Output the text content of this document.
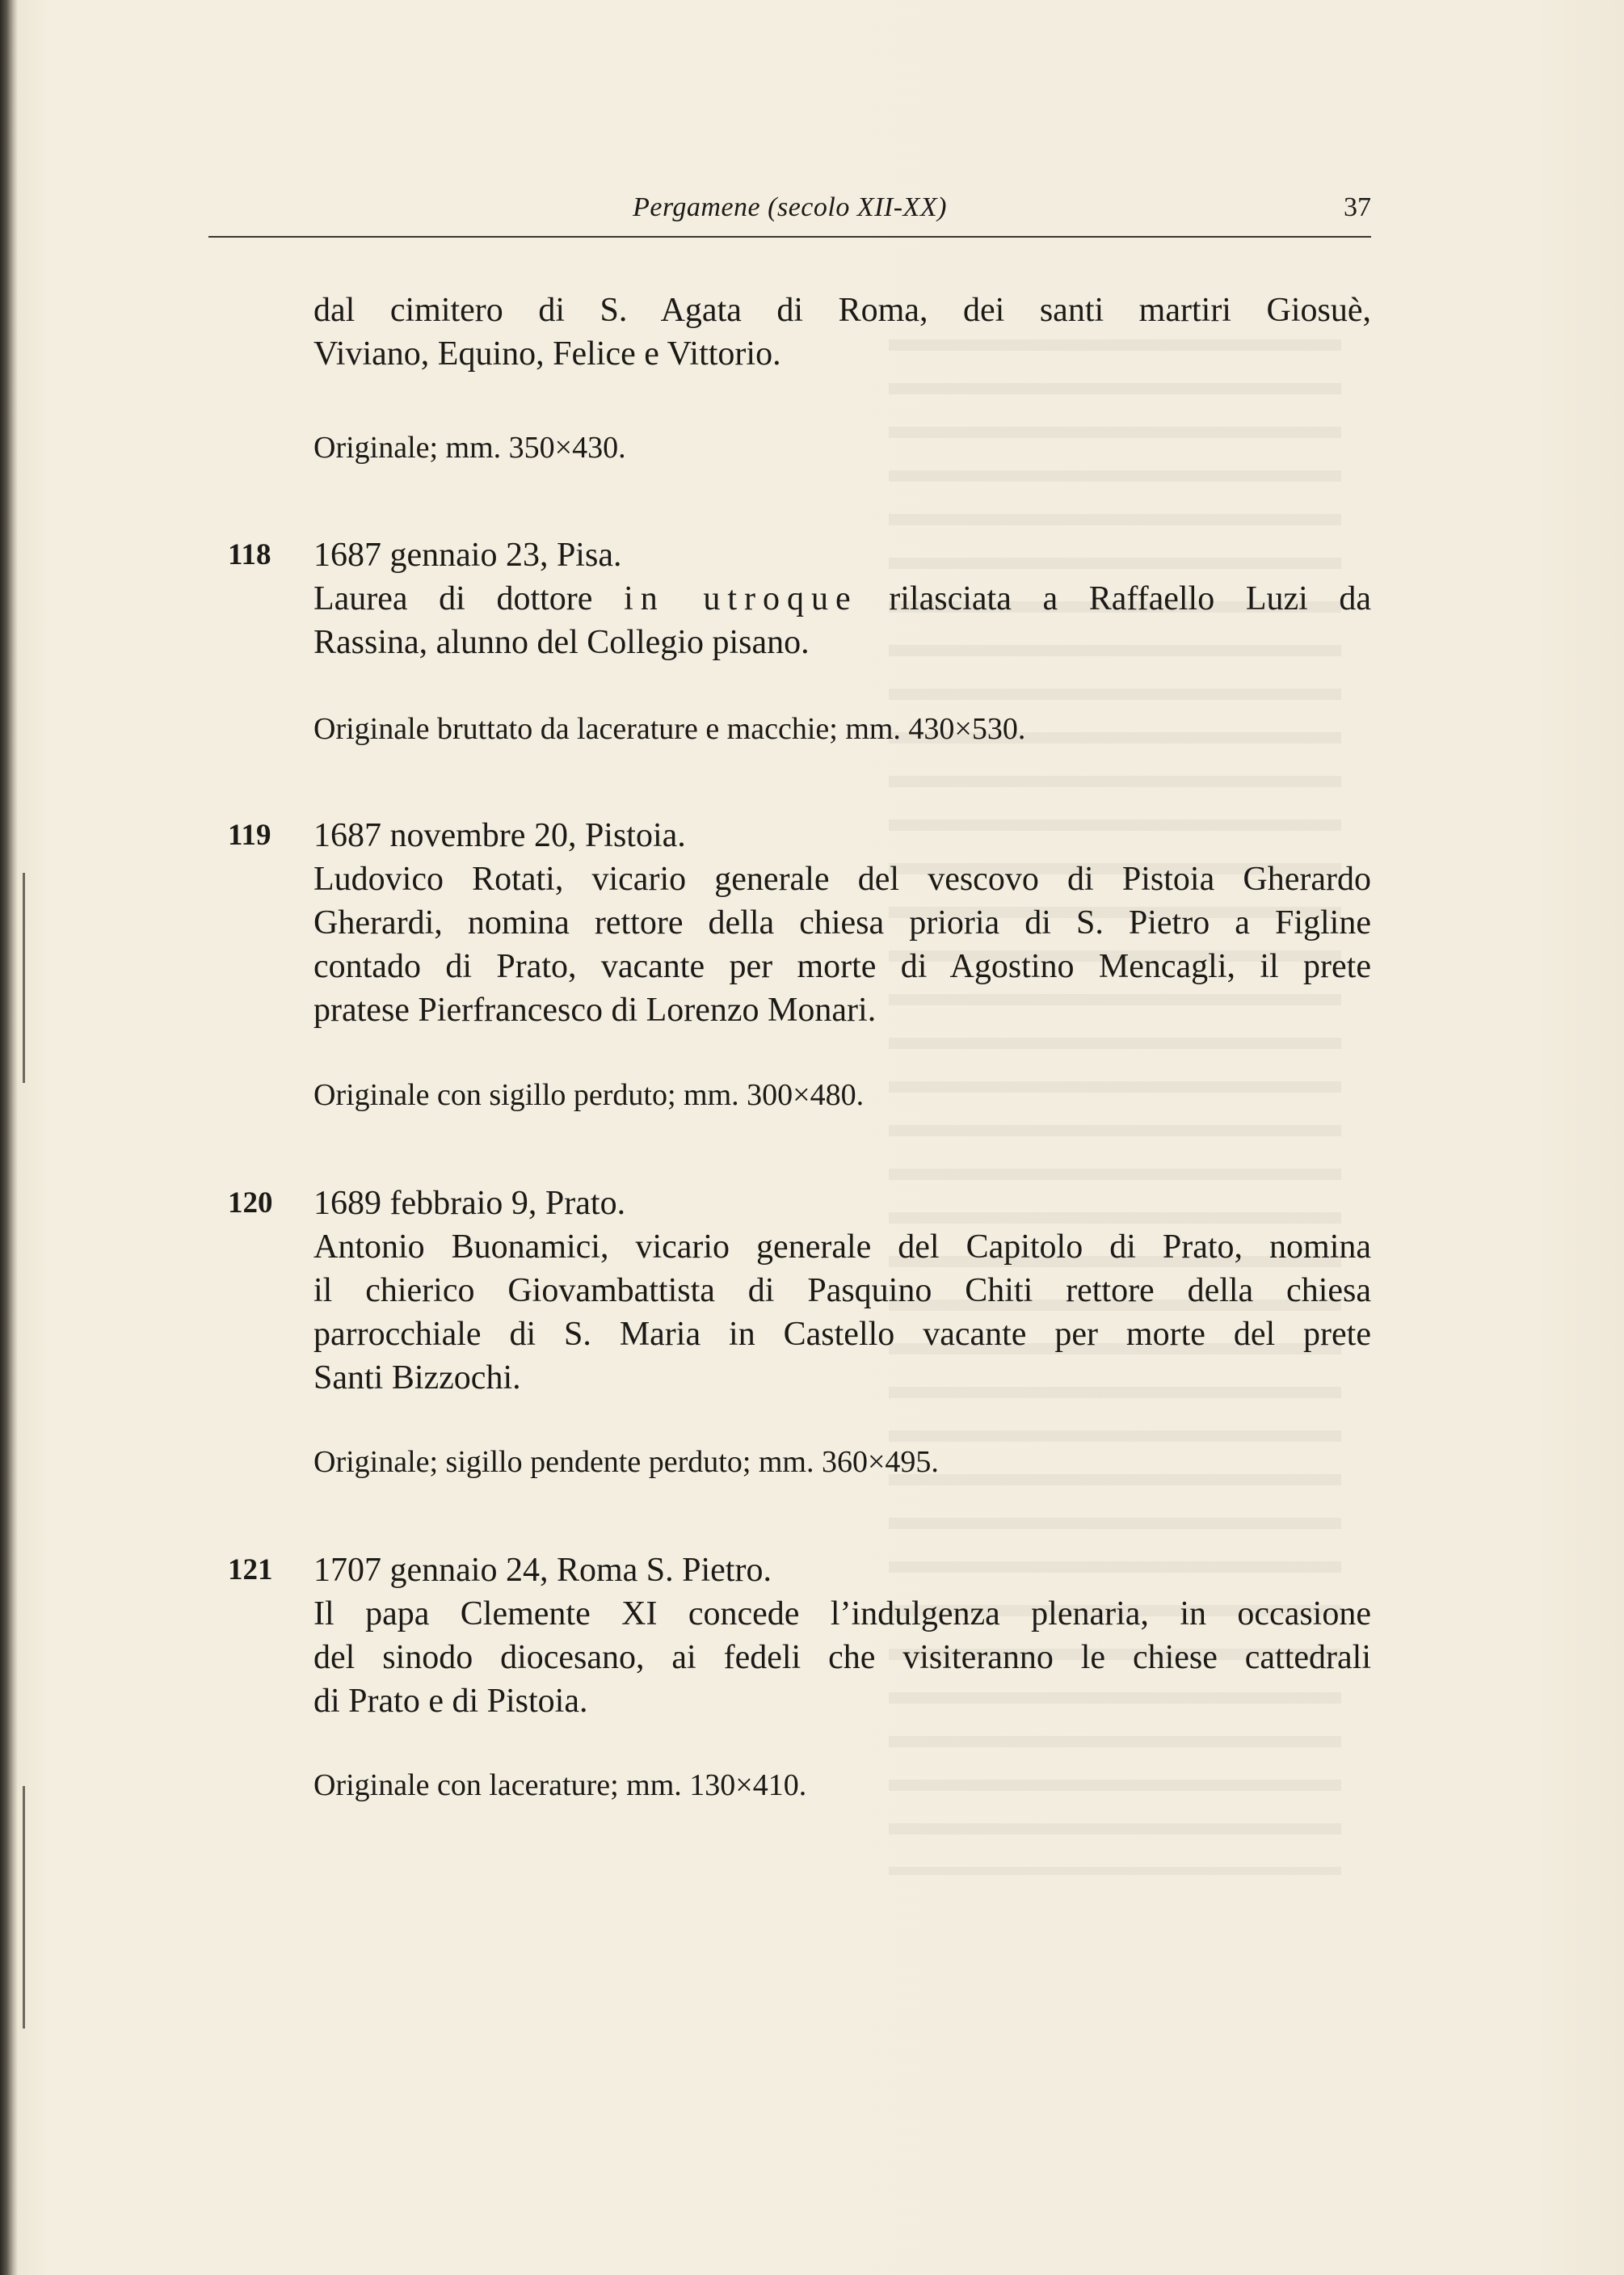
Pergamene (secolo XII-XX)	37
dal cimitero di S. Agata di Roma, dei santi martiri Giosuè,
Viviano, Equino, Felice e Vittorio.
Originale; mm. 350×430.
118 1687 gennaio 23, Pisa.
Laurea di dottore in utroque rilasciata a Raffaello Luzi da
Rassina, alunno del Collegio pisano.
Originale bruttato da lacerature e macchie; mm. 430×530.
119 1687 novembre 20, Pistoia.
Ludovico Rotati, vicario generale del vescovo di Pistoia Gherardo
Gherardi, nomina rettore della chiesa prioria di S. Pietro a Figline
contado di Prato, vacante per morte di Agostino Mencagli, il prete
pratese Pierfrancesco di Lorenzo Monari.
Originale con sigillo perduto; mm. 300×480.
120 1689 febbraio 9, Prato.
Antonio Buonamici, vicario generale del Capitolo di Prato, nomina
il chierico Giovambattista di Pasquino Chiti rettore della chiesa
parrocchiale di S. Maria in Castello vacante per morte del prete
Santi Bizzochi.
Originale; sigillo pendente perduto; mm. 360×495.
121 1707 gennaio 24, Roma S. Pietro.
Il papa Clemente XI concede l’indulgenza plenaria, in occasione
del sinodo diocesano, ai fedeli che visiteranno le chiese cattedrali
di Prato e di Pistoia.
Originale con lacerature; mm. 130×410.
